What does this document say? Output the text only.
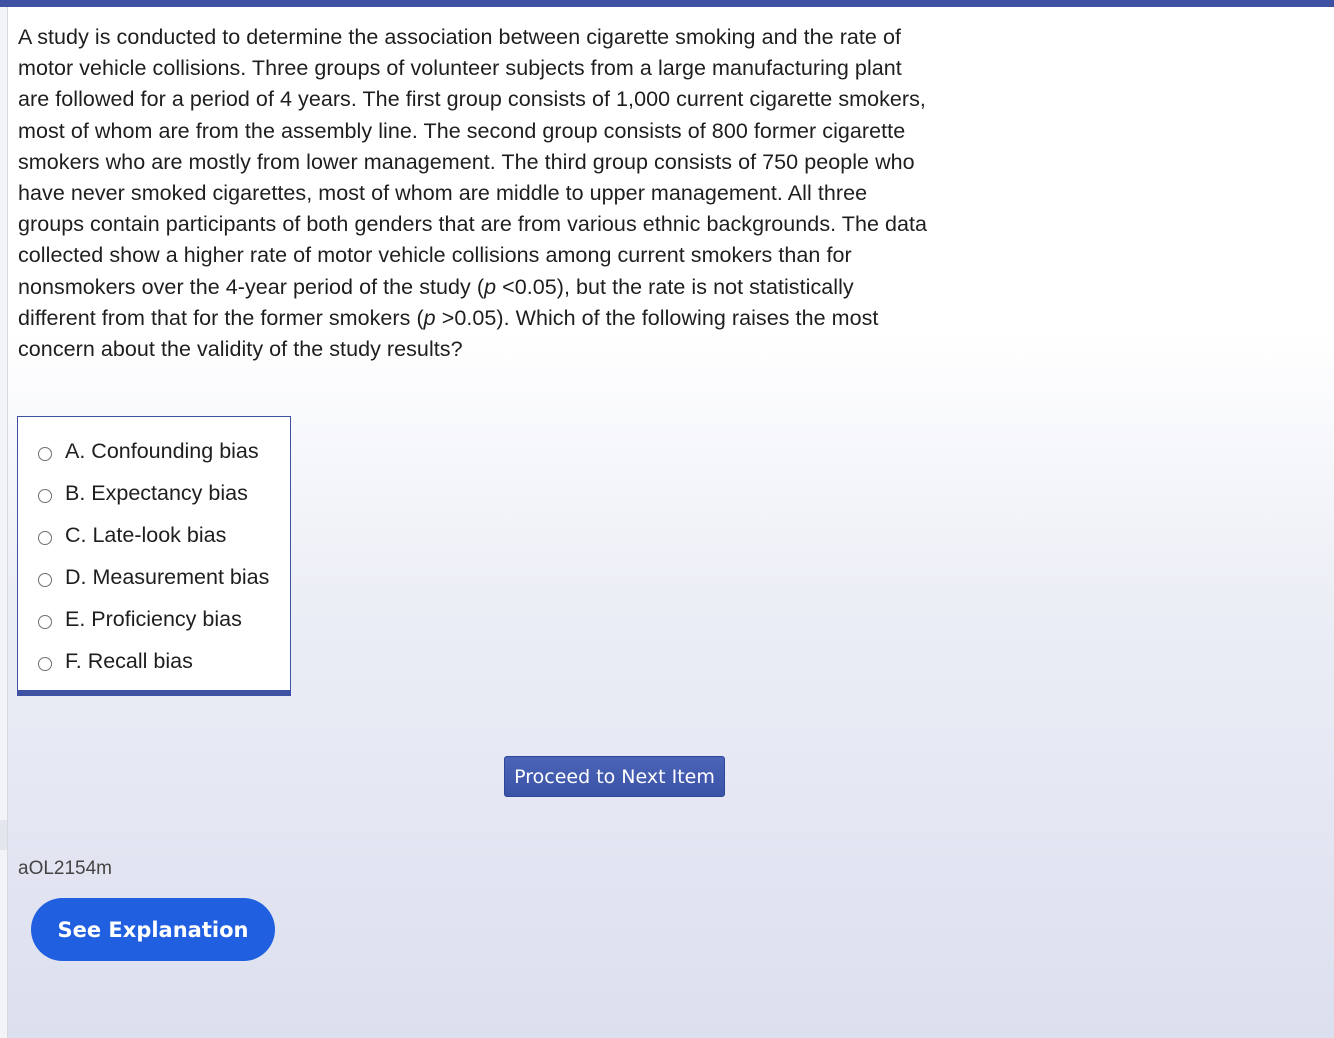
A study is conducted to determine the association between cigarette smoking and the rate of motor vehicle collisions. Three groups of volunteer subjects from a large manufacturing plant are followed for a period of 4 years. The first group consists of 1,000 current cigarette smokers, most of whom are from the assembly line. The second group consists of 800 former cigarette smokers who are mostly from lower management. The third group consists of 750 people who have never smoked cigarettes, most of whom are middle to upper management. All three groups contain participants of both genders that are from various ethnic backgrounds. The data collected show a higher rate of motor vehicle collisions among current smokers than for nonsmokers over the 4-year period of the study (p <0.05), but the rate is not statistically different from that for the former smokers (p >0.05). Which of the following raises the most concern about the validity of the study results?

A. Confounding bias
B. Expectancy bias
C. Late-look bias
D. Measurement bias
E. Proficiency bias
F. Recall bias
Proceed to Next Item
aOL2154m
See Explanation
